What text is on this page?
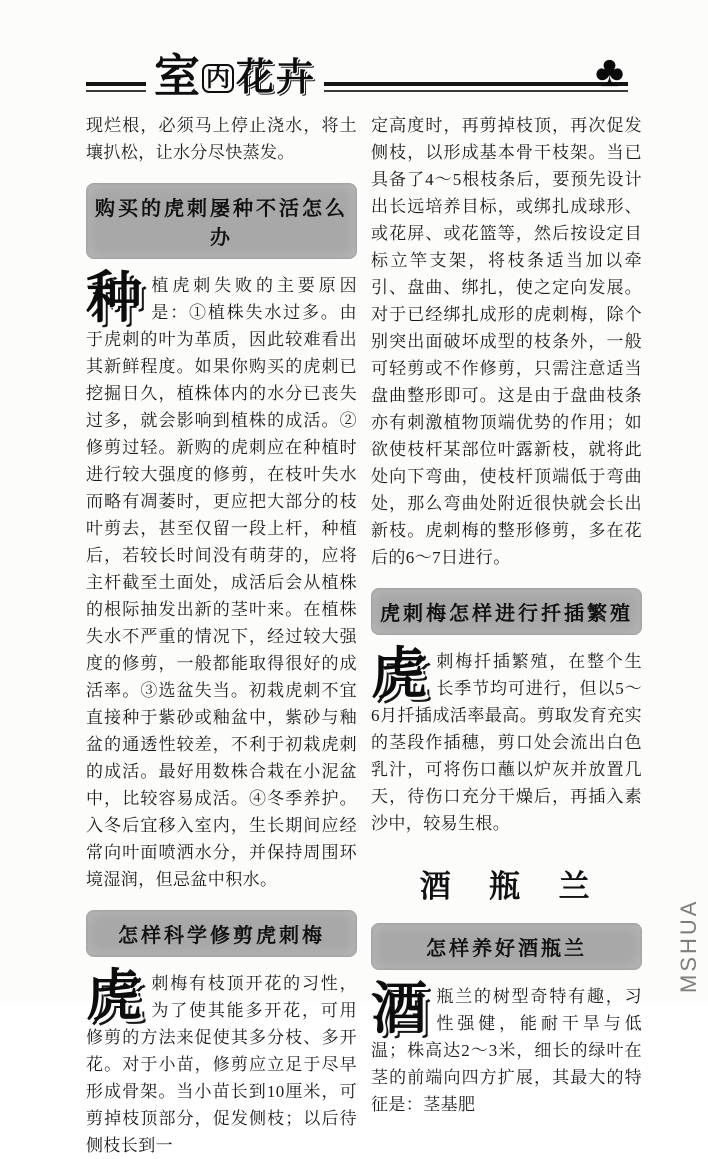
室 内 花卉	♣

现烂根，必须马上停止浇水，将土壤扒松，让水分尽快蒸发。

购买的虎刺屡种不活怎么办

种植虎刺失败的主要原因是：①植株失水过多。由于虎刺的叶为革质，因此较难看出其新鲜程度。如果你购买的虎刺已挖掘日久，植株体内的水分已丧失过多，就会影响到植株的成活。②修剪过轻。新购的虎刺应在种植时进行较大强度的修剪，在枝叶失水而略有凋萎时，更应把大部分的枝叶剪去，甚至仅留一段上杆，种植后，若较长时间没有萌芽的，应将主杆截至土面处，成活后会从植株的根际抽发出新的茎叶来。在植株失水不严重的情况下，经过较大强度的修剪，一般都能取得很好的成活率。③选盆失当。初栽虎刺不宜直接种于紫砂或釉盆中，紫砂与釉盆的通透性较差，不利于初栽虎刺的成活。最好用数株合栽在小泥盆中，比较容易成活。④冬季养护。入冬后宜移入室内，生长期间应经常向叶面喷洒水分，并保持周围环境湿润，但忌盆中积水。

怎样科学修剪虎刺梅

虎刺梅有枝顶开花的习性，为了使其能多开花，可用修剪的方法来促使其多分枝、多开花。对于小苗，修剪应立足于尽早形成骨架。当小苗长到10厘米，可剪掉枝顶部分，促发侧枝；以后待侧枝长到一

定高度时，再剪掉枝顶，再次促发侧枝，以形成基本骨干枝架。当已具备了4～5根枝条后，要预先设计出长远培养目标，或绑扎成球形、或花屏、或花篮等，然后按设定目标立竿支架，将枝条适当加以牵引、盘曲、绑扎，使之定向发展。对于已经绑扎成形的虎刺梅，除个别突出面破坏成型的枝条外，一般可轻剪或不作修剪，只需注意适当盘曲整形即可。这是由于盘曲枝条亦有刺激植物顶端优势的作用；如欲使枝杆某部位叶露新枝，就将此处向下弯曲，使枝杆顶端低于弯曲处，那么弯曲处附近很快就会长出新枝。虎刺梅的整形修剪，多在花后的6～7日进行。

虎刺梅怎样进行扦插繁殖

虎刺梅扦插繁殖，在整个生长季节均可进行，但以5～6月扦插成活率最高。剪取发育充实的茎段作插穗，剪口处会流出白色乳汁，可将伤口蘸以炉灰并放置几天，待伤口充分干燥后，再插入素沙中，较易生根。

酒　瓶　兰
怎样养好酒瓶兰

酒瓶兰的树型奇特有趣，习性强健，能耐干旱与低温；株高达2～3米，细长的绿叶在茎的前端向四方扩展，其最大的特征是：茎基肥

MSHUA
